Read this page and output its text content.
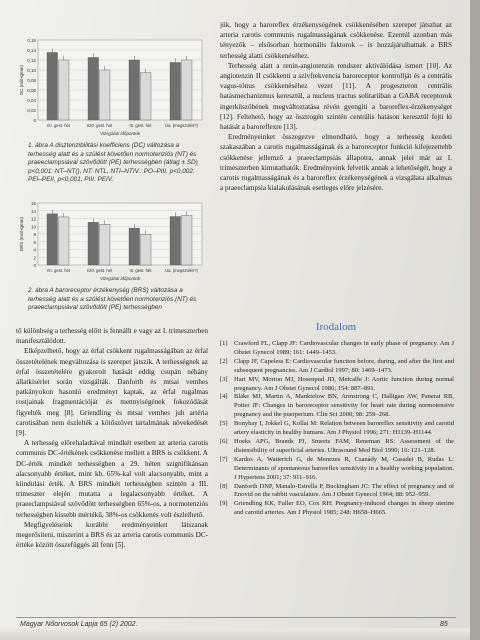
0
0,02
0,04
0,06
0,08
0,10
0,12
0,14
0,16
DC (ml/Hgmm)
I/II. gest. hét	I/20. gest. hét	III. gest. hét	Ua. (megszülés?)
Vizsgálati időpontok
1. ábra A disztenzibilitási koefficiens (DC) változása a terhesség alatt és a szülést követően normotenziós (NT) és praeeclampsiával szövődött (PE) terhességben (átlag ± SD) p<0,001: NT–NT(), NT: NTL, NTI–NTIV.: PO–PIII. p<0,002: PEI–PEII, p<0,001, PIII: PEIV.
0
2
4
6
8
10
12
14
16
BRS (ms/Hgmm)
I/II. gest. hét	I/20. gest. hét	III. gest. hét	Ua. (megszülés?)
Vizsgálati időpontok
2. ábra A baroreceptor érzékenység (BRS) változása a terhesség alatt és a szülést követően normotenziós (NT) és praeeclampsiával szövődött (PE) terhességben

tő különbség a terhesség előtt is fennállt e vagy az I. trimeszterben manifesztálódott.

Elképzelhető, hogy az érfal csökkent rugalmasságában az érfal összetételének megváltozása is szerepet játszik. A terhességnek az érfal összetételére gyakorolt hatását eddig csupán néhány állatkísérlet során vizsgálták. Danforth és mtsai vemhes patkányokon hasonló eredményt kaptak, az érfal rugalmas rostjainak fragmentációját és mennyiségének fokozódását figyelték meg [8]. Griendling és mtsai vemhes juh artéria carotisában nem észlelték a kötőszövet tartalmának növekedését [9].

A terhesség előrehaladtával mindkét esetben az arteria carotis communis DC-értékének csökkenése mellett a BRS is csökkent. A DC-érték mindkét terhességben a 29. héten szignifikánsan alacsonyabb értéket, mint kb. 65%-kal volt alacsonyabb, mint a kiindulási érték. A BRS mindkét terhességben szintén a III. trimeszter elején mutatta a legalacsonyabb értéket. A praeeclampsiával szövődött terhességben 65%-os, a normotenziós terhességben kissebb mértékű, 38%-os csökkenés volt észlelhető.

Megfigyeléseink korábbi eredményeinket látszanak megerősíteni, miszerint a BRS és az arteria carotis communis DC-értéke között összefüggés áll fenn [5].

jük, hogy a baroreflex érzékenységének csökkenésében szerepet játszhat az arteria carotis communis rugalmasságának csökkenése. Ezentúl azonban más tényezők – elsősorban hormonális faktorok – is hozzájárulhatnak a BRS terhesség alatti csökkenéséhez.

Terhesség alatt a renin-angiotenzin rendszer aktiválódása ismert [10]. Az angiotenzin II csökkenti a szívfrekvencia baroreceptor kontrollját és a centrális vagus-tónus csökkenéséhez vezet [11]. A progeszteron centrális hatásmechanizmus keresztül, a nucleus tractus solitariiban a GABA receptorok ingerküszöbének megváltoztatása révén gyengíti a baroreflex-érzékenységet [12]. Feltehető, hogy az ösztrogén szintén centrális hatáson keresztül fejti ki hatását a baroreflexre [13].

Eredményeinket összegezve elmondható, hogy a terhesség kezdeti szakaszában a carotis rugalmasságának és a baroreceptor funkció kifejezettebb csökkenése jellemző a praeeclampsiás állapotra, annak jelei már az I. trimeszterben kimutathatók. Eredményeink felvetik annak a lehetőségét, hogy a carotis rugalmasságának és a baroreflex érzékenységének a vizsgálata alkalmas a praeeclampsia kialakulásának esetleges előre jelzésére.

Irodalom
[1] Crawford FL, Clapp JF: Cardiovascular changes in early phase of pregnancy. Am J Obstet Gynecol 1989; 161: 1449–1453.
[2] Clapp JF, Capeless E: Cardiovascular function before, during, and after the first and subsequent pregnancies. Am J Cardiol 1997; 80: 1469–1473.
[3] Hart MV, Morton MJ, Hosenpud JD, Metcalfe J: Aortic function during normal pregnancy. Am J Obstet Gynecol 1986; 154: 887–891.
[4] Blake MJ, Martin A, Manktelow BN, Armstrong C, Halligan AW, Panerai RB, Potter JF: Changes in baroreceptor sensitivity for heart rate during normotensive pregnancy and the puerperium. Clin Sci 2000; 98: 259–268.
[5] Bonyhay I, Jokkel G, Kollai M: Relation between baroreflex sensitivity and carotid artery elasticity in healthy humans. Am J Physiol 1996; 271: H1139–H1144.
[6] Hoeks APG, Brands PJ, Smeets FAM, Reneman RS: Assessment of the distensibility of superficial arteries. Ultrasound Med Biol 1990; 16: 121–128.
[7] Kardos A, Watterich G, de Menezes R, Csanády M, Casadei B, Rudas L: Determinants of spontaneous baroreflex sensitivity in a healthy working population. J Hypertens 2001; 37: 911–916.
[8] Danforth DNP, Manalo-Estrella P, Buckingham JC: The effect of pregnancy and of Enovid on the rabbit vasculature. Am J Obstet Gynecol 1964; 88: 952–959.
[9] Griendling KK, Fuller EO, Cox RH: Pregnancy-induced changes in sheep uterine and carotid arteries. Am J Physiol 1985; 248: H658–H665.
Magyar Nőorvosok Lapja 65 (2) 2002.	85
